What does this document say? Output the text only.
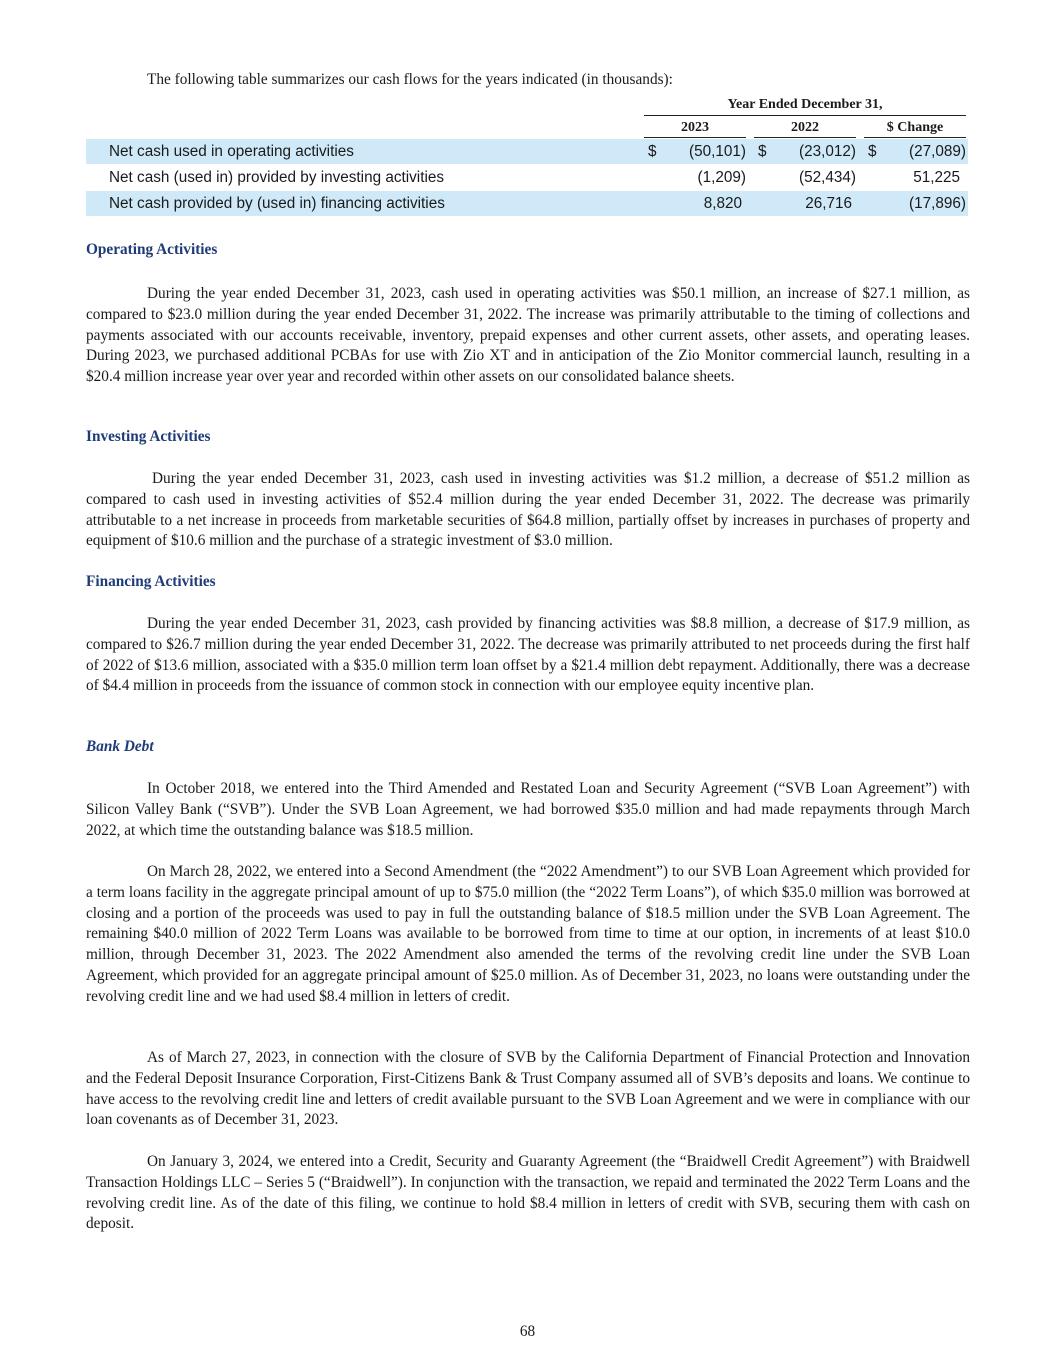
The following table summarizes our cash flows for the years indicated (in thousands):

Year Ended December 31,
2023	2022	$ Change
Net cash used in operating activities	$ (50,101) $ (23,012) $ (27,089)
Net cash (used in) provided by investing activities	(1,209)	(52,434)	51,225
Net cash provided by (used in) financing activities	8,820	26,716	(17,896)
Operating Activities

During the year ended December 31, 2023, cash used in operating activities was $50.1 million, an increase of $27.1 million, as compared to $23.0 million during the year ended December 31, 2022. The increase was primarily attributable to the timing of collections and payments associated with our accounts receivable, inventory, prepaid expenses and other current assets, other assets, and operating leases. During 2023, we purchased additional PCBAs for use with Zio XT and in anticipation of the Zio Monitor commercial launch, resulting in a $20.4 million increase year over year and recorded within other assets on our consolidated balance sheets.

Investing Activities

During the year ended December 31, 2023, cash used in investing activities was $1.2 million, a decrease of $51.2 million as compared to cash used in investing activities of $52.4 million during the year ended December 31, 2022. The decrease was primarily attributable to a net increase in proceeds from marketable securities of $64.8 million, partially offset by increases in purchases of property and equipment of $10.6 million and the purchase of a strategic investment of $3.0 million.

Financing Activities

During the year ended December 31, 2023, cash provided by financing activities was $8.8 million, a decrease of $17.9 million, as compared to $26.7 million during the year ended December 31, 2022. The decrease was primarily attributed to net proceeds during the first half of 2022 of $13.6 million, associated with a $35.0 million term loan offset by a $21.4 million debt repayment. Additionally, there was a decrease of $4.4 million in proceeds from the issuance of common stock in connection with our employee equity incentive plan.

Bank Debt

In October 2018, we entered into the Third Amended and Restated Loan and Security Agreement (“SVB Loan Agreement”) with Silicon Valley Bank (“SVB”). Under the SVB Loan Agreement, we had borrowed $35.0 million and had made repayments through March 2022, at which time the outstanding balance was $18.5 million.

On March 28, 2022, we entered into a Second Amendment (the “2022 Amendment”) to our SVB Loan Agreement which provided for a term loans facility in the aggregate principal amount of up to $75.0 million (the “2022 Term Loans”), of which $35.0 million was borrowed at closing and a portion of the proceeds was used to pay in full the outstanding balance of $18.5 million under the SVB Loan Agreement. The remaining $40.0 million of 2022 Term Loans was available to be borrowed from time to time at our option, in increments of at least $10.0 million, through December 31, 2023. The 2022 Amendment also amended the terms of the revolving credit line under the SVB Loan Agreement, which provided for an aggregate principal amount of $25.0 million. As of December 31, 2023, no loans were outstanding under the revolving credit line and we had used $8.4 million in letters of credit.

As of March 27, 2023, in connection with the closure of SVB by the California Department of Financial Protection and Innovation and the Federal Deposit Insurance Corporation, First-Citizens Bank & Trust Company assumed all of SVB’s deposits and loans. We continue to have access to the revolving credit line and letters of credit available pursuant to the SVB Loan Agreement and we were in compliance with our loan covenants as of December 31, 2023.

On January 3, 2024, we entered into a Credit, Security and Guaranty Agreement (the “Braidwell Credit Agreement”) with Braidwell Transaction Holdings LLC – Series 5 (“Braidwell”). In conjunction with the transaction, we repaid and terminated the 2022 Term Loans and the revolving credit line. As of the date of this filing, we continue to hold $8.4 million in letters of credit with SVB, securing them with cash on deposit.

68
